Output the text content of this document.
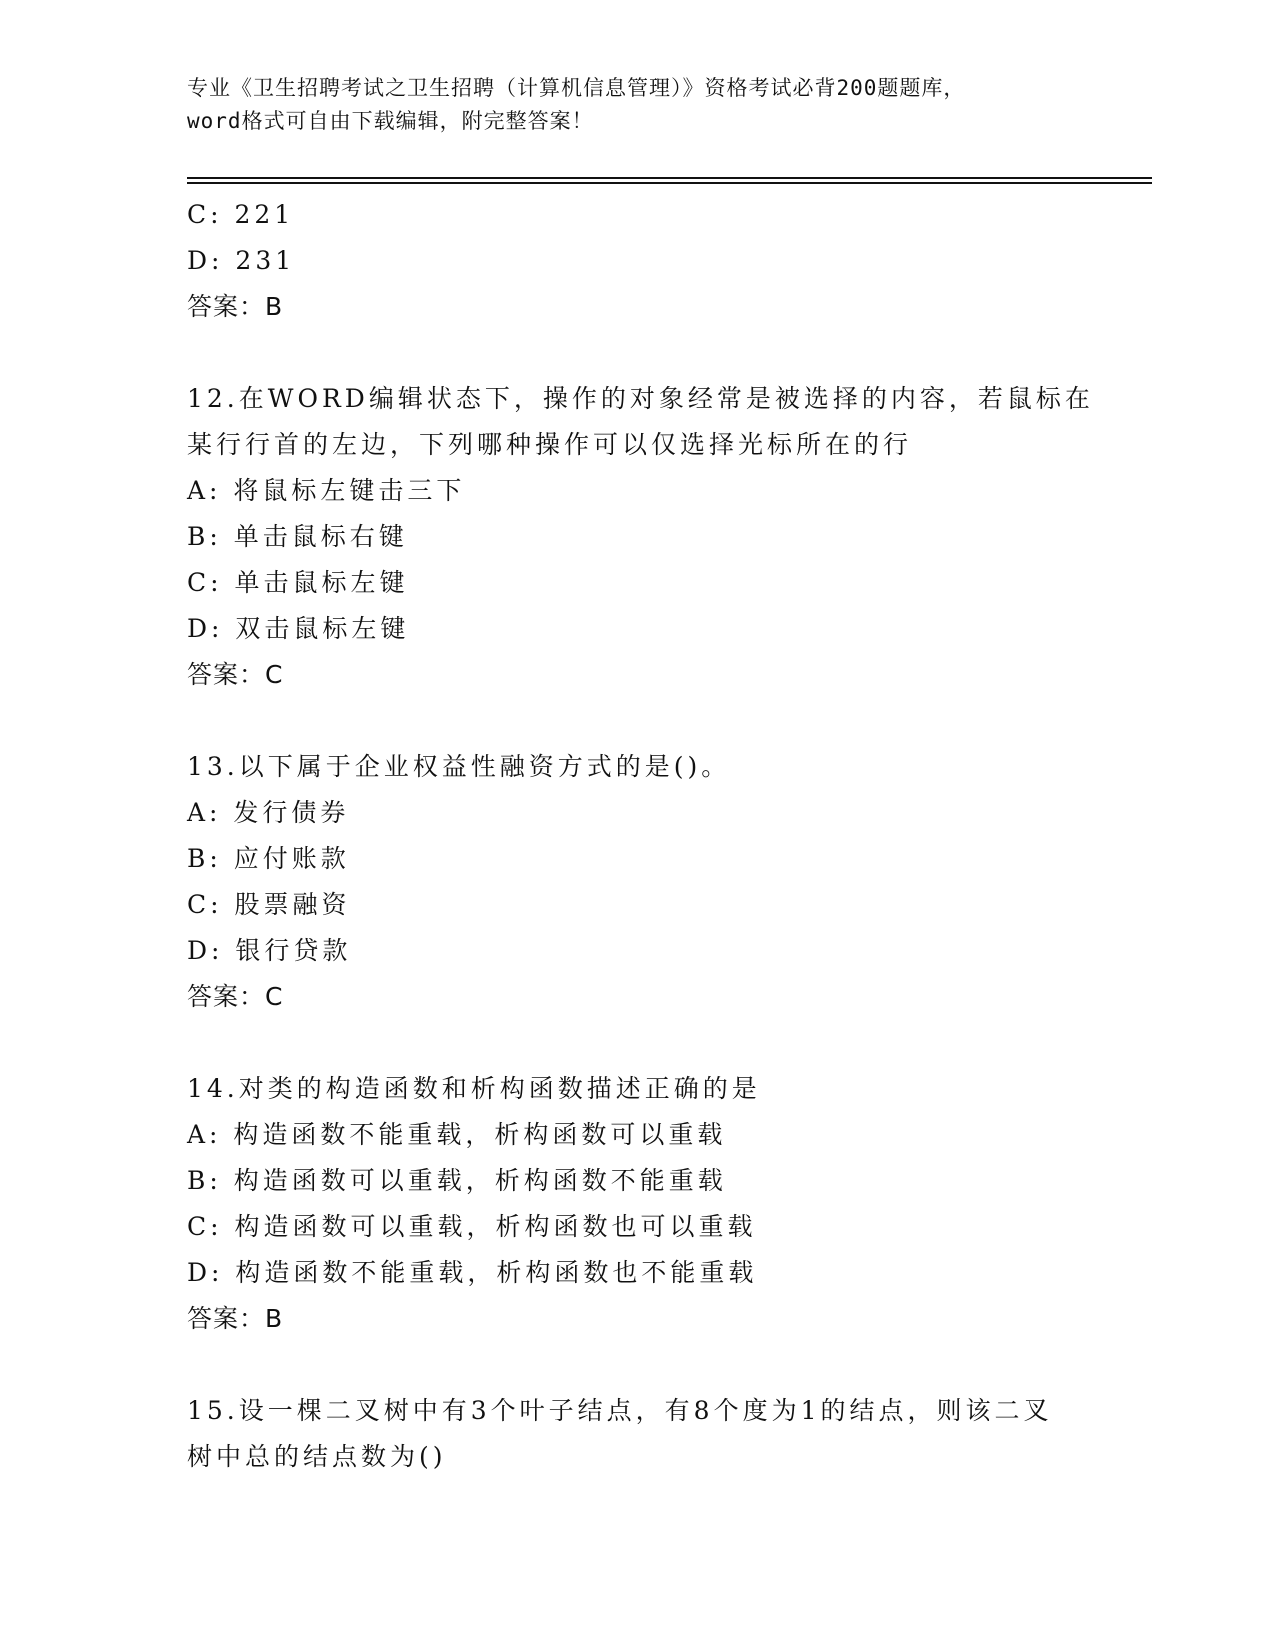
专业《卫生招聘考试之卫生招聘（计算机信息管理）》资格考试必背200题题库，
word格式可自由下载编辑，附完整答案！
C: 221
D: 231
答案：B
12.在WORD编辑状态下，操作的对象经常是被选择的内容，若鼠标在
某行行首的左边，下列哪种操作可以仅选择光标所在的行
A: 将鼠标左键击三下
B: 单击鼠标右键
C: 单击鼠标左键
D: 双击鼠标左键
答案：C
13.以下属于企业权益性融资方式的是()。
A: 发行债券
B: 应付账款
C: 股票融资
D: 银行贷款
答案：C
14.对类的构造函数和析构函数描述正确的是
A: 构造函数不能重载，析构函数可以重载
B: 构造函数可以重载，析构函数不能重载
C: 构造函数可以重载，析构函数也可以重载
D: 构造函数不能重载，析构函数也不能重载
答案：B
15.设一棵二叉树中有3个叶子结点，有8个度为1的结点，则该二叉
树中总的结点数为()
